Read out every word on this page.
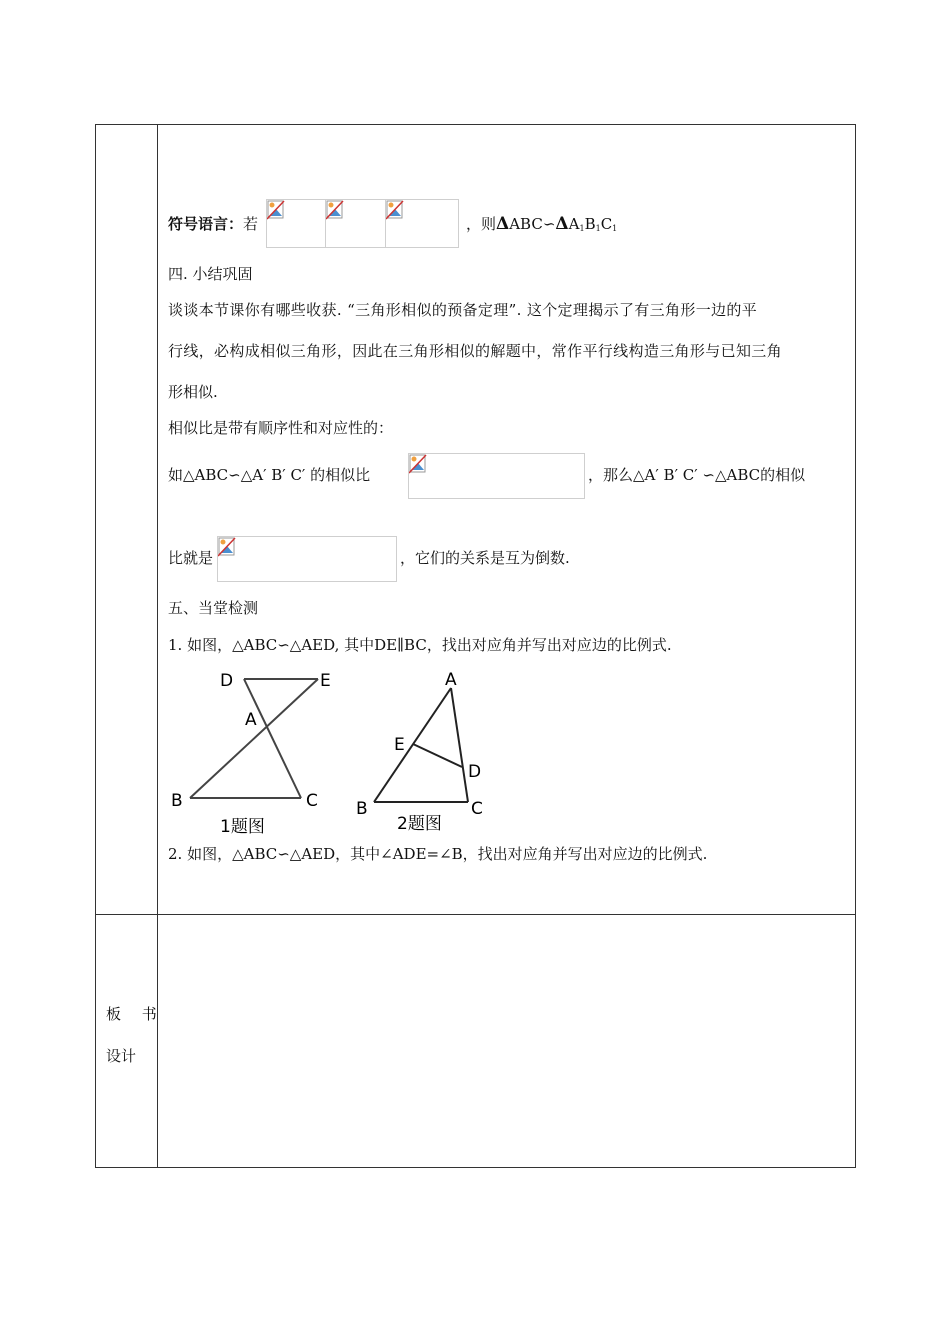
符号语言：若	，则$\Delta ABC∽\Delta A_1B_1C_1$
四. 小结巩固
谈谈本节课你有哪些收获. “三角形相似的预备定理”. 这个定理揭示了有三角形一边的平
行线，必构成相似三角形，因此在三角形相似的解题中，常作平行线构造三角形与已知三角
形相似.
相似比是带有顺序性和对应性的：
如△ABC∽△A′ B′ C′ 的相似比	，那么△A′ B′ C′ ∽△ABC的相似
比就是	，它们的关系是互为倒数.
五、当堂检测
1. 如图，△ABC∽△AED, 其中DE∥BC，找出对应角并写出对应边的比例式.
D	E
A
B	C
1题图
A
E
D
B	C
2题图
2. 如图，△ABC∽△AED，其中∠ADE=∠B，找出对应角并写出对应边的比例式.
板 书
设计
